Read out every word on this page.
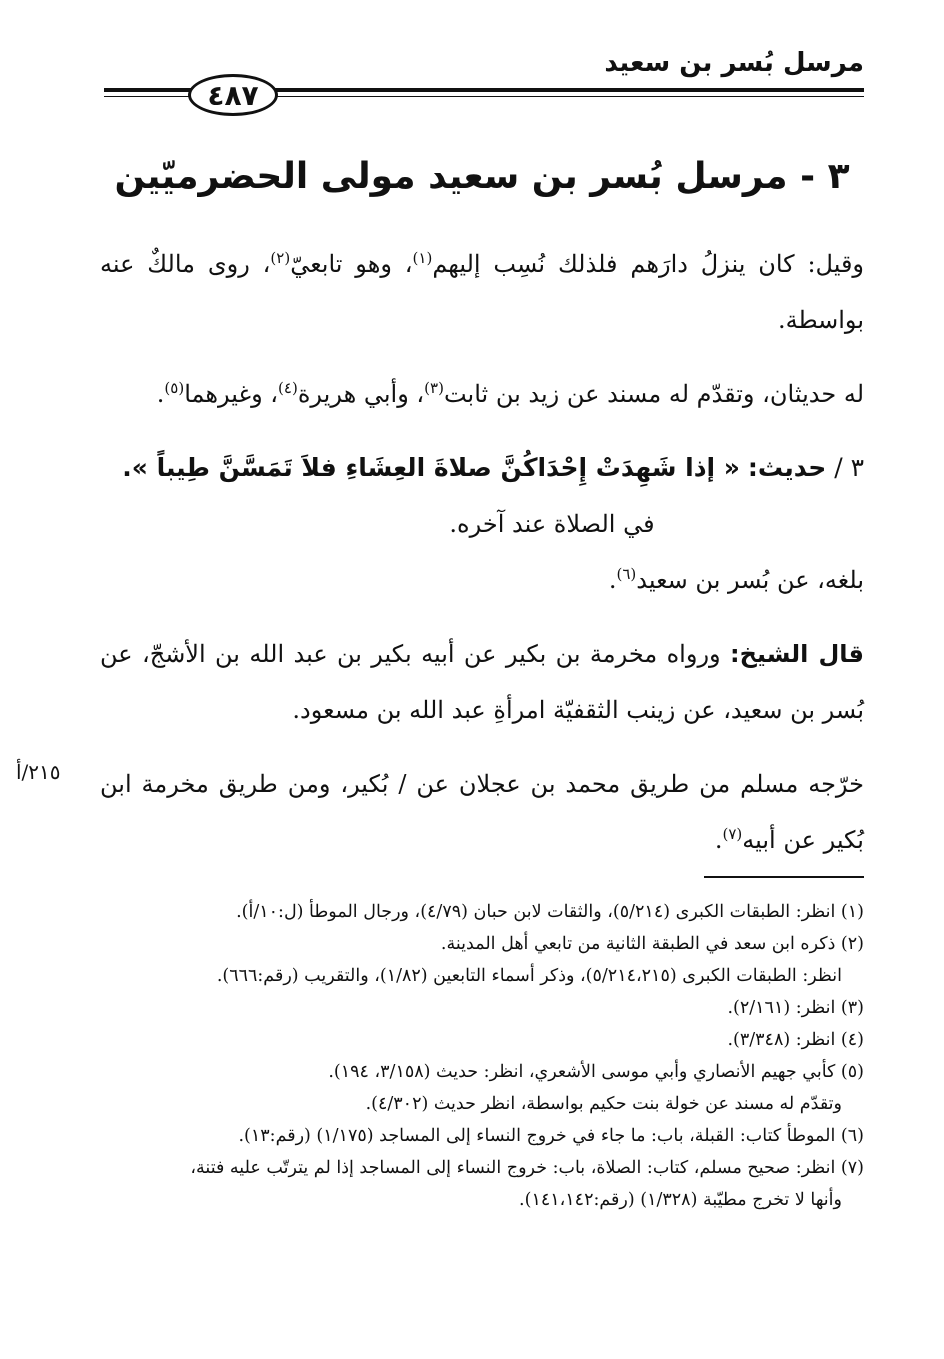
مرسل بُسر بن سعيد
٤٨٧
٣ - مرسل بُسر بن سعيد مولى الحضرميّين

وقيل: كان ينزلُ دارَهم فلذلك نُسِب إليهم$^{(١)}$، وهو تابعيّ$^{(٢)}$، روى مالكٌ عنه بواسطة.

له حديثان، وتقدّم له مسند عن زيد بن ثابت$^{(٣)}$، وأبي هريرة$^{(٤)}$، وغيرهما$^{(٥)}$.

٣ / حديث: « إذا شَهِدَتْ إِحْدَاكُنَّ صلاةَ العِشَاءِ فلاَ تَمَسَّنَّ طِيباً ».

في الصلاة عند آخره.

بلغه، عن بُسر بن سعيد$^{(٦)}$.

قال الشيخ: ورواه مخرمة بن بكير عن أبيه بكير بن عبد الله بن الأشجّ، عن بُسر بن سعيد، عن زينب الثقفيّة امرأةِ عبد الله بن مسعود.

خرّجه مسلم من طريق محمد بن عجلان عن / بُكير، ومن طريق مخرمة ابن بُكير عن أبيه$^{(٧)}$.

٢١٥/أ

(١) انظر: الطبقات الكبرى (٥/٢١٤)، والثقات لابن حبان (٤/٧٩)، ورجال الموطأ (ل:١٠/أ).

(٢) ذكره ابن سعد في الطبقة الثانية من تابعي أهل المدينة.

انظر: الطبقات الكبرى (٥/٢١٤،٢١٥)، وذكر أسماء التابعين (١/٨٢)، والتقريب (رقم:٦٦٦).

(٣) انظر: (٢/١٦١).

(٤) انظر: (٣/٣٤٨).

(٥) كأبي جهيم الأنصاري وأبي موسى الأشعري، انظر: حديث (٣/١٥٨، ١٩٤).

وتقدّم له مسند عن خولة بنت حكيم بواسطة، انظر حديث (٤/٣٠٢).

(٦) الموطأ كتاب: القبلة، باب: ما جاء في خروج النساء إلى المساجد (١/١٧٥) (رقم:١٣).

(٧) انظر: صحيح مسلم، كتاب: الصلاة، باب: خروج النساء إلى المساجد إذا لم يترتّب عليه فتنة،

وأنها لا تخرج مطيّبة (١/٣٢٨) (رقم:١٤١،١٤٢).
